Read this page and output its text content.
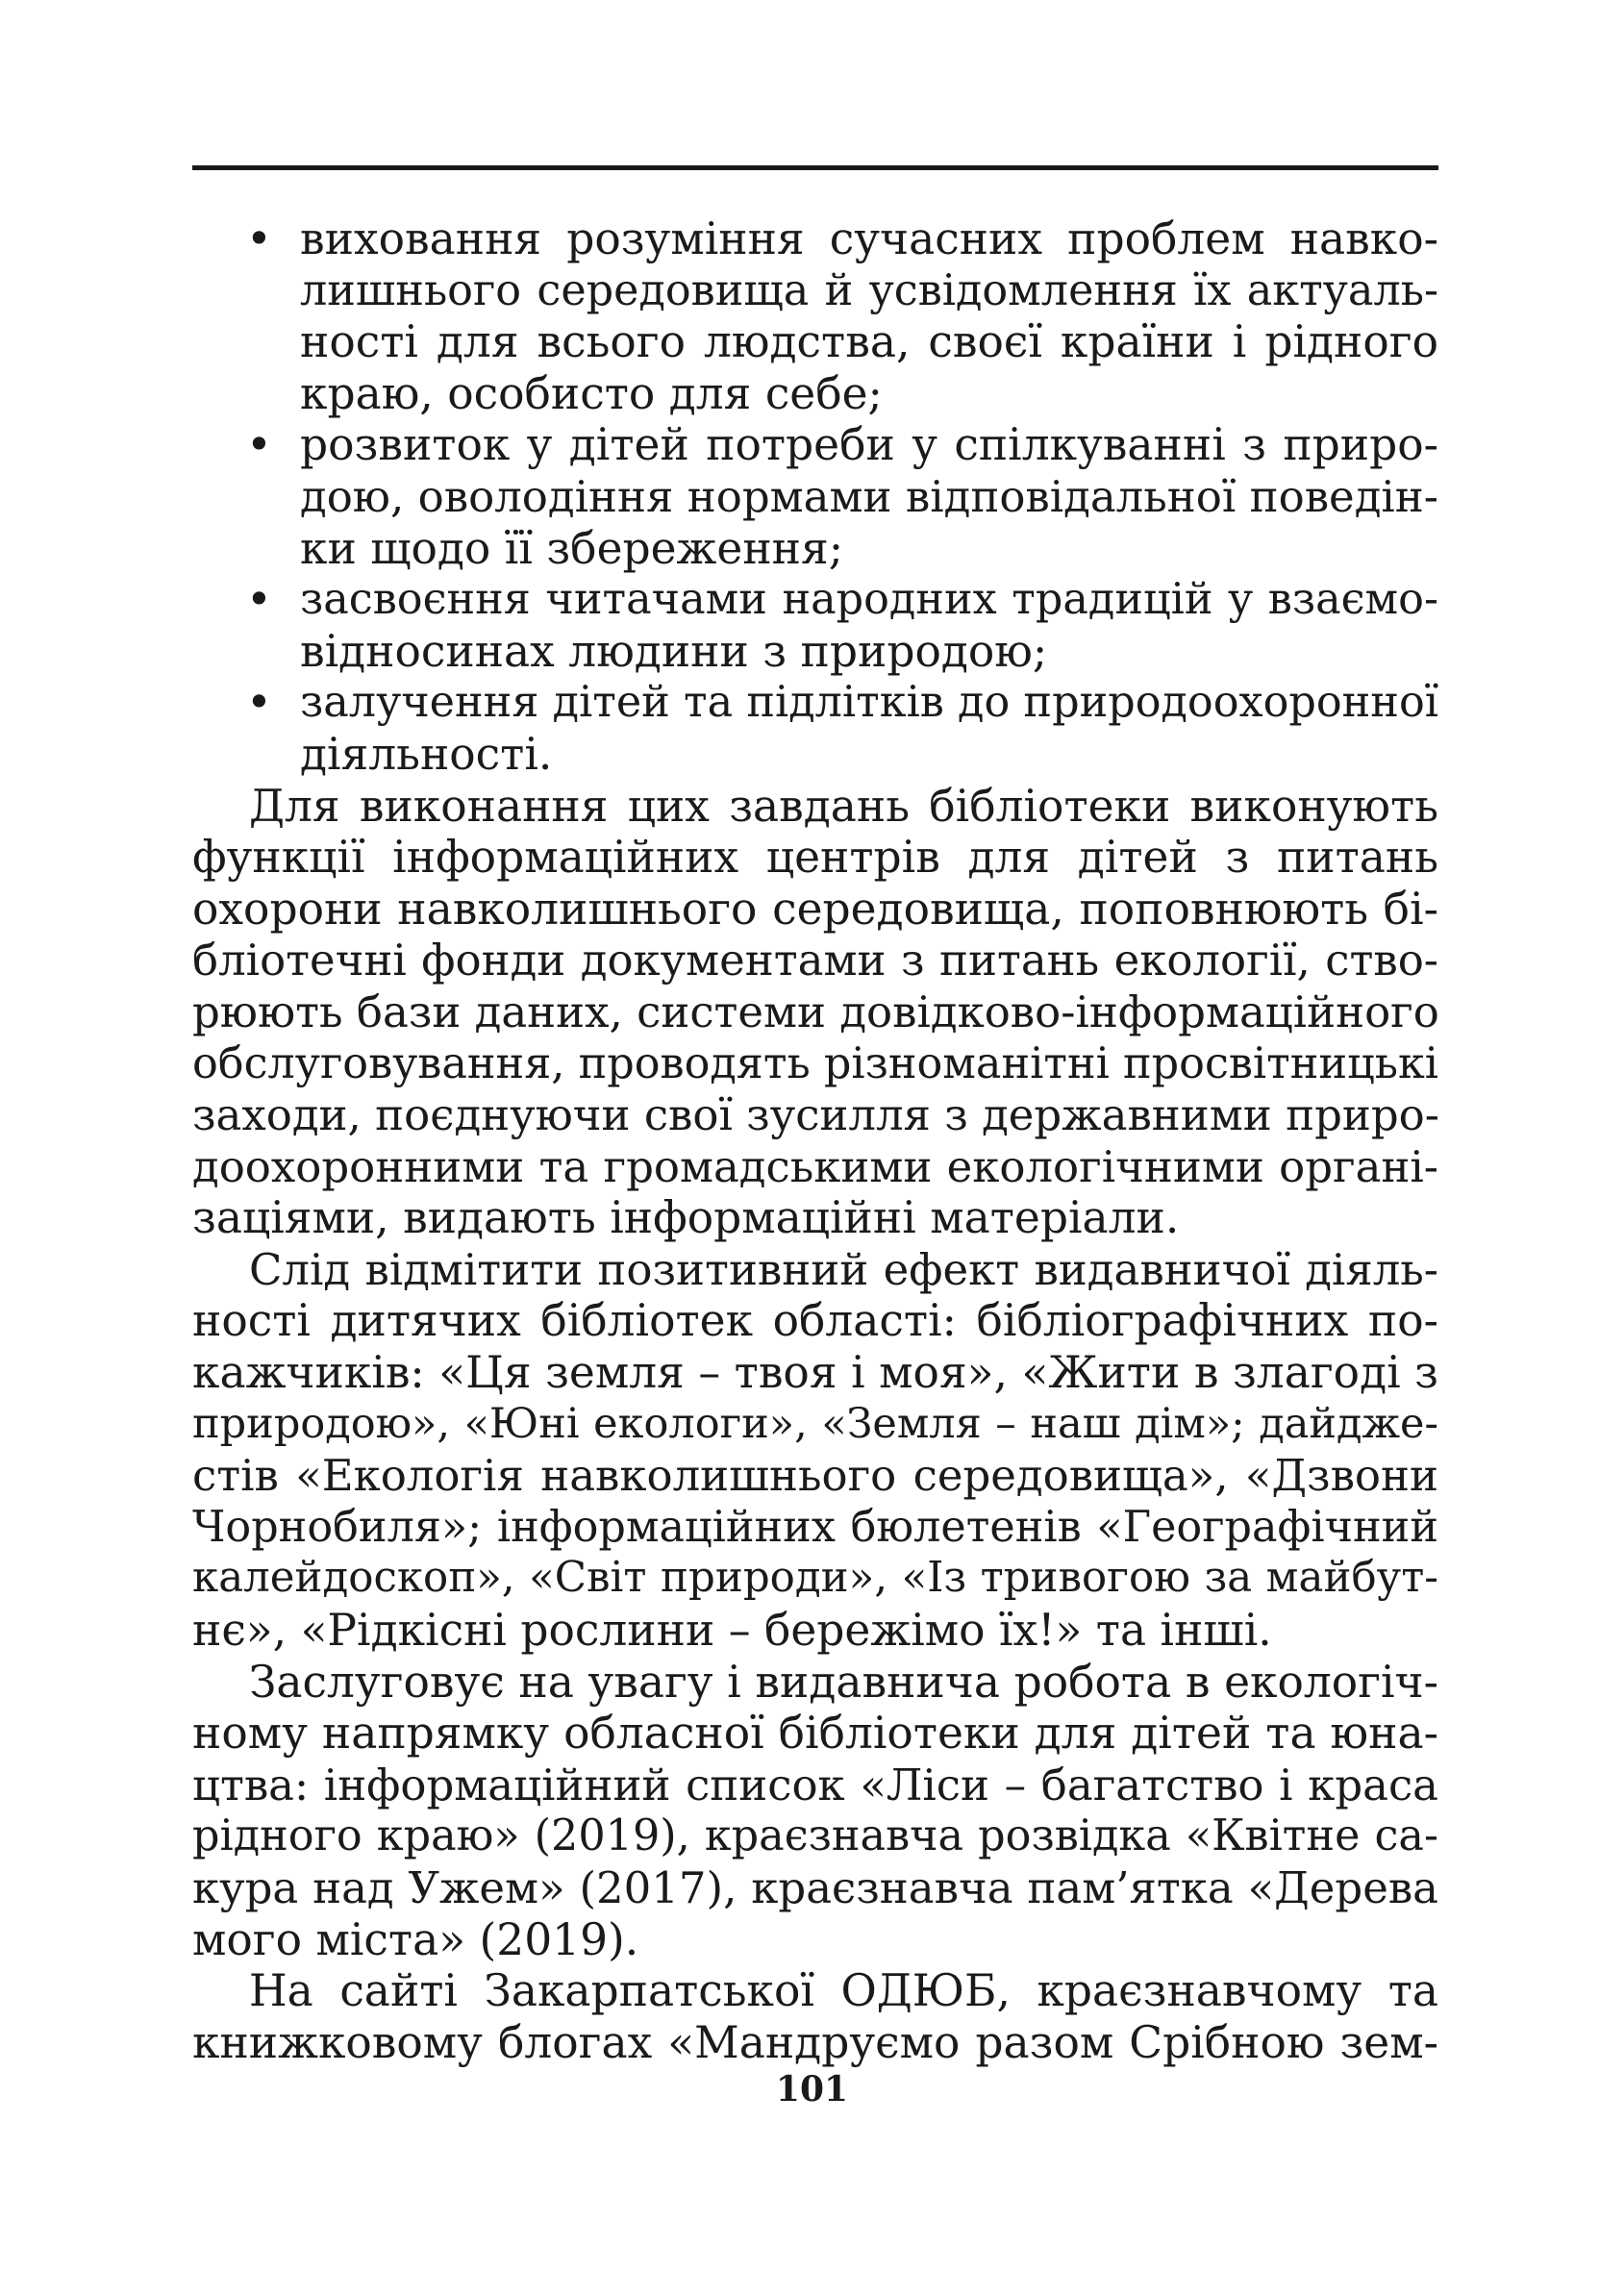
• виховання розуміння сучасних проблем навко-
лишнього середовища й усвідомлення їх актуаль-
ності для всього людства, своєї країни і рідного
краю, особисто для себе;
• розвиток у дітей потреби у спілкуванні з приро-
дою, оволодіння нормами відповідальної поведін-
ки щодо її збереження;
• засвоєння читачами народних традицій у взаємо-
відносинах людини з природою;
• залучення дітей та підлітків до природоохоронної
діяльності.
Для виконання цих завдань бібліотеки виконують
функції інформаційних центрів для дітей з питань
охорони навколишнього середовища, поповнюють бі-
бліотечні фонди документами з питань екології, ство-
рюють бази даних, системи довідково-інформаційного
обслуговування, проводять різноманітні просвітницькі
заходи, поєднуючи свої зусилля з державними приро-
доохоронними та громадськими екологічними органі-
заціями, видають інформаційні матеріали.
Слід відмітити позитивний ефект видавничої діяль-
ності дитячих бібліотек області: бібліографічних по-
кажчиків: «Ця земля – твоя і моя», «Жити в злагоді з
природою», «Юні екологи», «Земля – наш дім»; дайдже-
стів «Екологія навколишнього середовища», «Дзвони
Чорнобиля»; інформаційних бюлетенів «Географічний
калейдоскоп», «Світ природи», «Із тривогою за майбут-
нє», «Рідкісні рослини – бережімо їх!» та інші.
Заслуговує на увагу і видавнича робота в екологіч-
ному напрямку обласної бібліотеки для дітей та юна-
цтва: інформаційний список «Ліси – багатство і краса
рідного краю» (2019), краєзнавча розвідка «Квітне са-
кура над Ужем» (2017), краєзнавча пам’ятка «Дерева
мого міста» (2019).
На сайті Закарпатської ОДЮБ, краєзнавчому та
книжковому блогах «Мандруємо разом Срібною зем-
101
